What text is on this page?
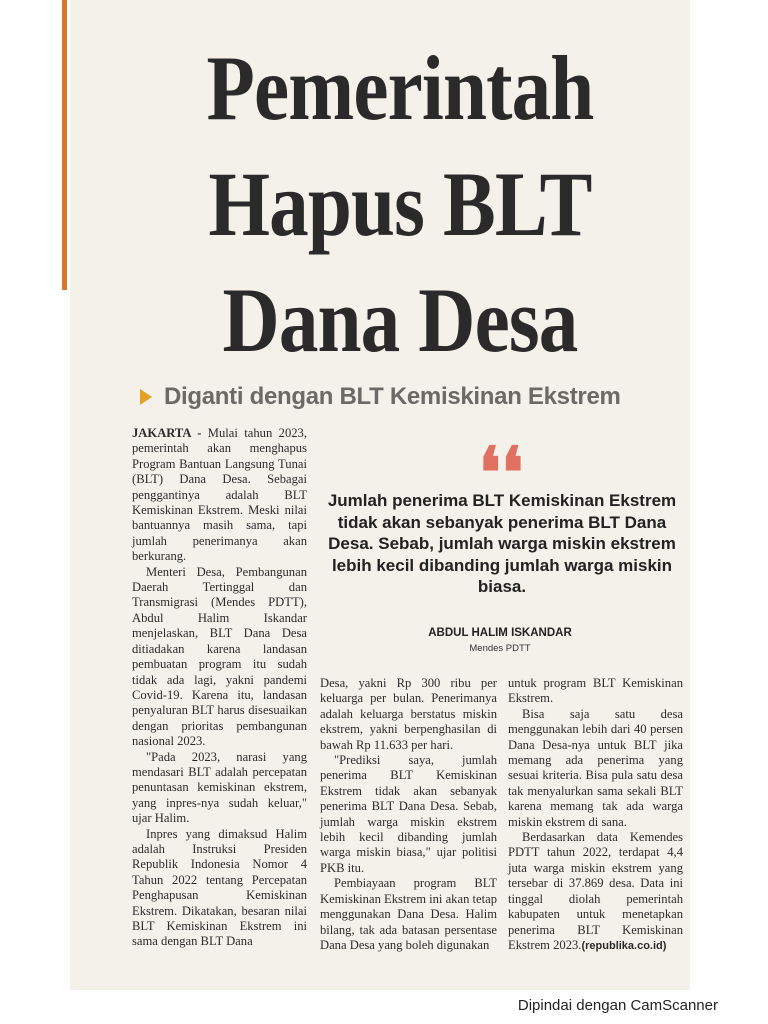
Pemerintah
Hapus BLT
Dana Desa
Diganti dengan BLT Kemiskinan Ekstrem

JAKARTA - Mulai tahun 2023, pemerintah akan menghapus Program Bantuan Langsung Tunai (BLT) Dana Desa. Sebagai penggantinya adalah BLT Kemiskinan Ekstrem. Meski nilai bantuannya masih sama, tapi jumlah penerimanya akan berkurang.

Menteri Desa, Pembangunan Daerah Tertinggal dan Transmigrasi (Mendes PDTT), Abdul Halim Iskandar menjelaskan, BLT Dana Desa ditiadakan karena landasan pembuatan program itu sudah tidak ada lagi, yakni pandemi Covid-19. Karena itu, landasan penyaluran BLT harus disesuaikan dengan prioritas pembangunan nasional 2023.

"Pada 2023, narasi yang mendasari BLT adalah percepatan penuntasan kemiskinan ekstrem, yang inpres-nya sudah keluar," ujar Halim.

Inpres yang dimaksud Halim adalah Instruksi Presiden Republik Indonesia Nomor 4 Tahun 2022 tentang Percepatan Penghapusan Kemiskinan Ekstrem. Dikatakan, besaran nilai BLT Kemiskinan Ekstrem ini sama dengan BLT Dana

❛❛
Jumlah penerima BLT Kemiskinan Ekstrem tidak akan sebanyak penerima BLT Dana Desa. Sebab, jumlah warga miskin ekstrem lebih kecil dibanding jumlah warga miskin biasa.
ABDUL HALIM ISKANDAR
Mendes PDTT

Desa, yakni Rp 300 ribu per keluarga per bulan. Penerimanya adalah keluarga berstatus miskin ekstrem, yakni berpenghasilan di bawah Rp 11.633 per hari.

"Prediksi saya, jumlah penerima BLT Kemiskinan Ekstrem tidak akan sebanyak penerima BLT Dana Desa. Sebab, jumlah warga miskin ekstrem lebih kecil dibanding jumlah warga miskin biasa," ujar politisi PKB itu.

Pembiayaan program BLT Kemiskinan Ekstrem ini akan tetap menggunakan Dana Desa. Halim bilang, tak ada batasan persentase Dana Desa yang boleh digunakan

untuk program BLT Kemiskinan Ekstrem.

Bisa saja satu desa menggunakan lebih dari 40 persen Dana Desa-nya untuk BLT jika memang ada penerima yang sesuai kriteria. Bisa pula satu desa tak menyalurkan sama sekali BLT karena memang tak ada warga miskin ekstrem di sana.

Berdasarkan data Kemendes PDTT tahun 2022, terdapat 4,4 juta warga miskin ekstrem yang tersebar di 37.869 desa. Data ini tinggal diolah pemerintah kabupaten untuk menetapkan penerima BLT Kemiskinan Ekstrem 2023.(republika.co.id)

Dipindai dengan CamScanner
